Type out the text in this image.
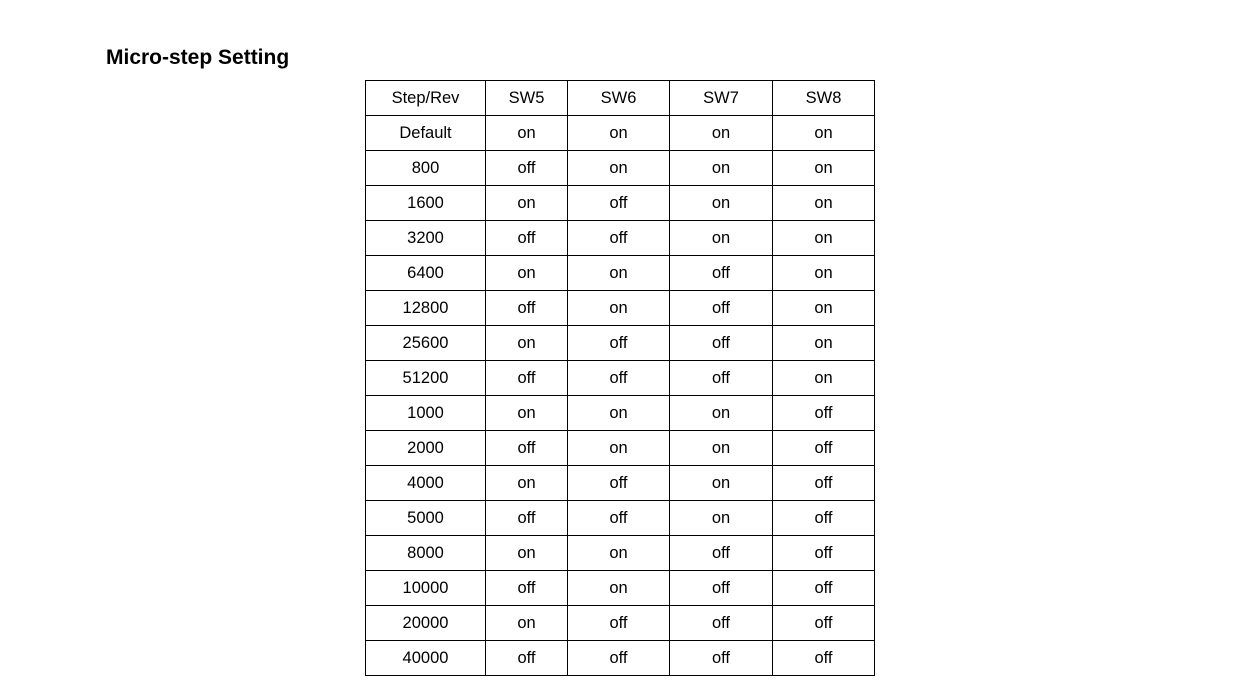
Micro-step Setting
Step/Rev	SW5	SW6	SW7	SW8
Default	on	on	on	on
800	off	on	on	on
1600	on	off	on	on
3200	off	off	on	on
6400	on	on	off	on
12800	off	on	off	on
25600	on	off	off	on
51200	off	off	off	on
1000	on	on	on	off
2000	off	on	on	off
4000	on	off	on	off
5000	off	off	on	off
8000	on	on	off	off
10000	off	on	off	off
20000	on	off	off	off
40000	off	off	off	off
